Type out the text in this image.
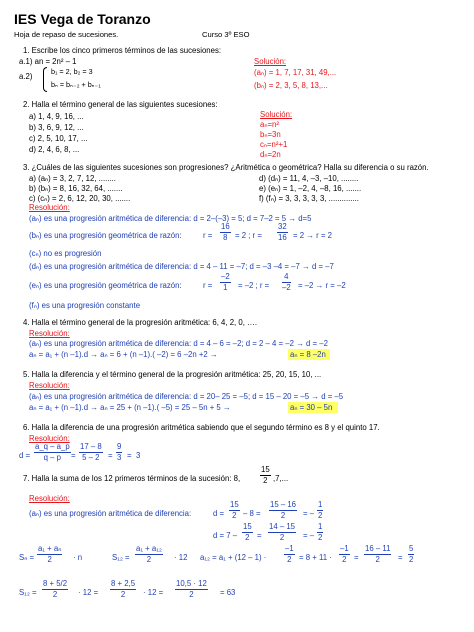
IES Vega de Toranzo
Hoja de repaso de sucesiones.	Curso 3º ESO
1. Escribe los cinco primeros términos de las sucesiones:
a.1) an = 2n² – 1
a.2)
b₁ = 2, b₂ = 3
bₙ = bₙ₋₂ + bₙ₋₁
Solución:
(aₙ) = 1, 7, 17, 31, 49,...
(bₙ) = 2, 3, 5, 8, 13,...
2. Halla el término general de las siguientes sucesiones:
a) 1, 4, 9, 16, ...
b) 3, 6, 9, 12, ...
c) 2, 5, 10, 17, ...
d) 2, 4, 6, 8, ...
Solución:
aₙ=n²
bₙ=3n
cₙ=n²+1
dₙ=2n
3. ¿Cuáles de las siguientes sucesiones son progresiones? ¿Aritmética o geométrica? Halla su diferencia o su razón.
a) (aₙ) = 3, 2, 7, 12, ........
b) (bₙ) = 8, 16, 32, 64, .......
c) (cₙ) = 2, 6, 12, 20, 30, .......
d) (dₙ) = 11, 4, –3, –10, ........
e) (eₙ) = 1, –2, 4, –8, 16, .......
f) (fₙ) = 3, 3, 3, 3, 3, ..............
Resolución:
(aₙ) es una progresión aritmética de diferencia: d = 2–(–3) = 5; d = 7–2 = 5 → d=5
(bₙ) es una progresión geométrica de razón:	$r = \frac{16}{8} = 2$ ; $r = \frac{32}{16} = 2 \to r = 2$
(cₙ) no es progresión
(dₙ) es una progresión aritmética de diferencia: d = 4 – 11 = –7; d = –3 –4 = –7 → d = –7
(eₙ) es una progresión geométrica de razón:	$r = \frac{-2}{1} = -2$ ; $r = \frac{4}{-2} = -2 \to r = -2$
(fₙ) es una progresión constante
4. Halla el término general de la progresión aritmética: 6, 4, 2, 0, ….
Resolución:
(aₙ) es una progresión aritmética de diferencia: d = 4 – 6 = –2; d = 2 – 4 = –2 → d = –2
aₙ = a₁ + (n –1).d → aₙ = 6 + (n –1).( –2) = 6 –2n +2 →	aₙ = 8 –2n
5. Halla la diferencia y el término general de la progresión aritmética: 25, 20, 15, 10, ...
Resolución:
(aₙ) es una progresión aritmética de diferencia: d = 20– 25 = –5; d = 15 – 20 = –5 → d = –5
aₙ = a₁ + (n –1).d → aₙ = 25 + (n –1).( –5) = 25 – 5n + 5 →	aₙ = 30 – 5n
6. Halla la diferencia de una progresión aritmética sabiendo que el segundo término es 8 y el quinto 17.
Resolución:
$d = \frac{a\_q - a\_p}{q - p} = \frac{17 - 8}{5 - 2} = \frac{9}{3} = 3$
7. Halla la suma de los 12 primeros términos de la sucesión: 8,	$\frac{15}{2} ,7$,...
Resolución:
(aₙ) es una progresión aritmética de diferencia:	$d = \frac{15}{2} - 8 = \frac{15 - 16}{2}$ = – $\frac{1}{2}$
$d = 7 - \frac{15}{2} = \frac{14 - 15}{2}$ = – $\frac{1}{2}$
$S_n = \frac{\text{a₁ + aₙ}}{2} \cdot n$	$S_{12} = \frac{\text{a₁ + a₁₂}}{2} \cdot 12$ $a_{12} = a_1 + (12 - 1) \cdot \frac{-1}{2} = 8 + 11 \cdot \frac{-1}{2} = \frac{16 - 11}{2} = \frac{5}{2}$
$S_{12} = \frac{8 + 5/2}{2} \cdot 12 = \frac{8 + 2,5}{2} \cdot 12 = \frac{10,5 \cdot 12}{2} = 63$
